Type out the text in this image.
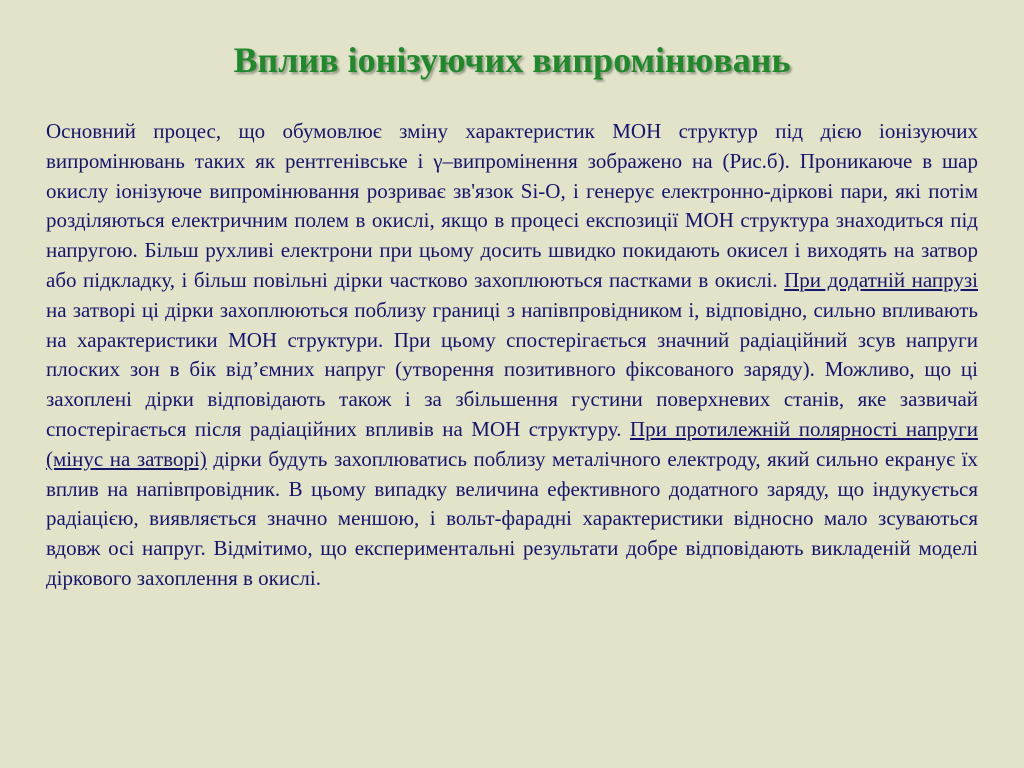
Вплив іонізуючих випромінювань

Основний процес, що обумовлює зміну характеристик МОН структур під дією іонізуючих випромінювань таких як рентгенівське і γ–випромінення зображено на (Рис.б). Проникаюче в шар окислу іонізуюче випромінювання розриває зв'язок Si-O, і генерує електронно-діркові пари, які потім розділяються електричним полем в окислі, якщо в процесі експозиції МОН структура знаходиться під напругою. Більш рухливі електрони при цьому досить швидко покидають окисел і виходять на затвор або підкладку, і більш повільні дірки частково захоплюються пастками в окислі. При додатній напрузі на затворі ці дірки захоплюються поблизу границі з напівпровідником і, відповідно, сильно впливають на характеристики МОН структури. При цьому спостерігається значний радіаційний зсув напруги плоских зон в бік від’ємних напруг (утворення позитивного фіксованого заряду). Можливо, що ці захоплені дірки відповідають також і за збільшення густини поверхневих станів, яке зазвичай спостерігається після радіаційних впливів на МОН структуру. При протилежній полярності напруги (мінус на затворі) дірки будуть захоплюватись поблизу металічного електроду, який сильно екранує їх вплив на напівпровідник. В цьому випадку величина ефективного додатного заряду, що індукується радіацією, виявляється значно меншою, і вольт-фарадні характеристики відносно мало зсуваються вдовж осі напруг. Відмітимо, що експериментальні результати добре відповідають викладеній моделі діркового захоплення в окислі.
